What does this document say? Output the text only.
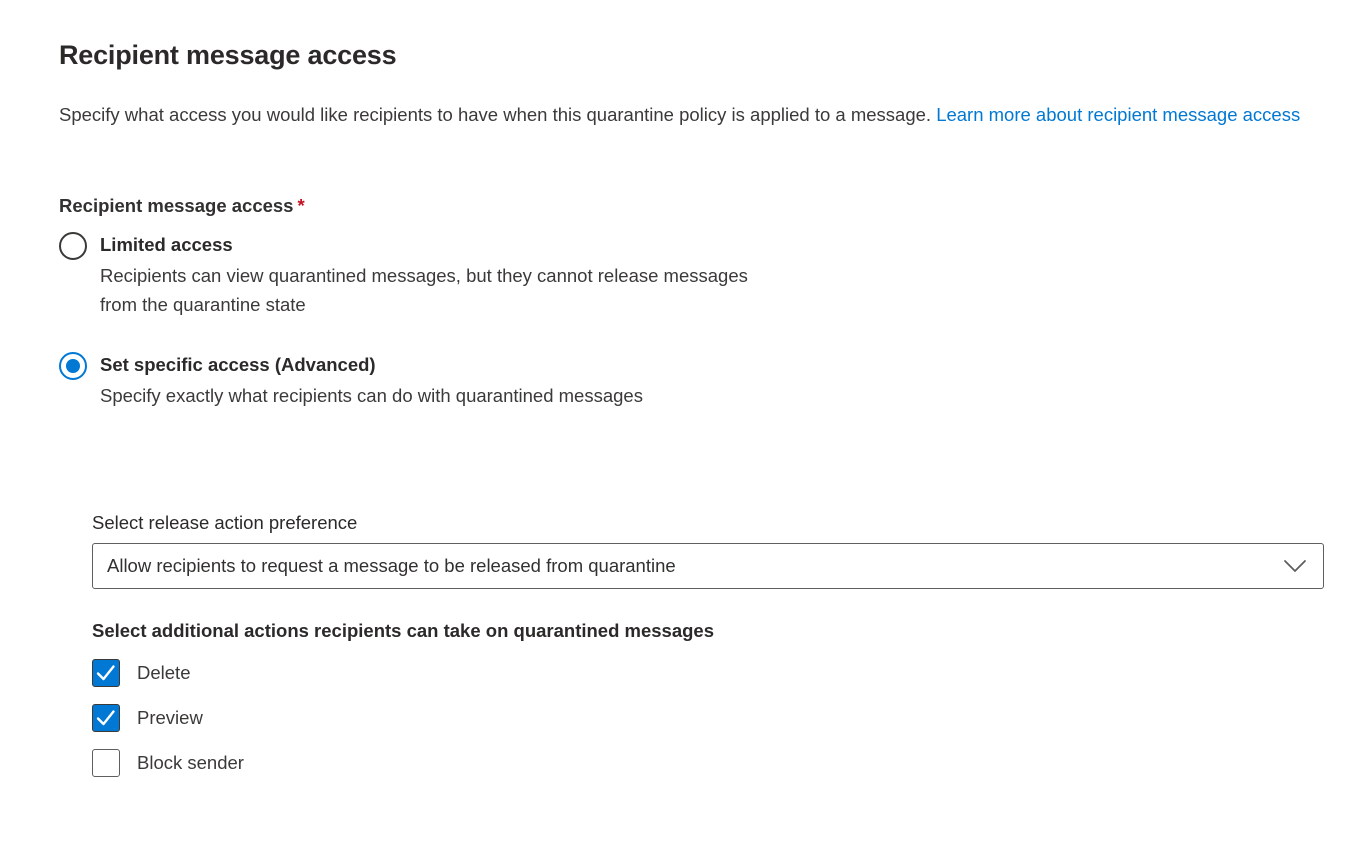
Recipient message access
Specify what access you would like recipients to have when this quarantine policy is applied to a message. Learn more about recipient message access
Recipient message access *
Limited access
Recipients can view quarantined messages, but they cannot release messages from the quarantine state
Set specific access (Advanced)
Specify exactly what recipients can do with quarantined messages
Select release action preference
Allow recipients to request a message to be released from quarantine
Select additional actions recipients can take on quarantined messages
Delete
Preview
Block sender
